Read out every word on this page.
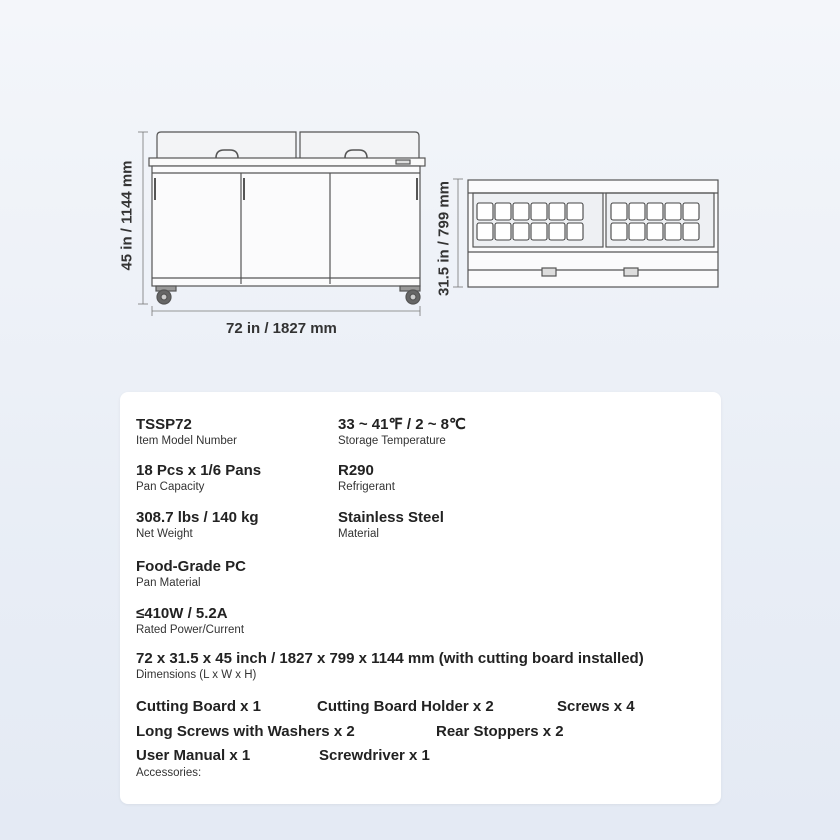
45 in / 1144 mm
72 in / 1827 mm
31.5 in / 799 mm
TSSP72
Item Model Number
33 ~ 41℉ / 2 ~ 8℃
Storage Temperature
18 Pcs x 1/6 Pans
Pan Capacity
R290
Refrigerant
308.7 lbs / 140 kg
Net Weight
Stainless Steel
Material
Food-Grade PC
Pan Material
≤410W / 5.2A
Rated Power/Current
72 x 31.5 x 45 inch / 1827 x 799 x 1144 mm (with cutting board installed)
Dimensions (L x W x H)
Cutting Board x 1	Cutting Board Holder x 2	Screws x 4
Long Screws with Washers x 2	Rear Stoppers x 2
User Manual x 1	Screwdriver x 1
Accessories:
